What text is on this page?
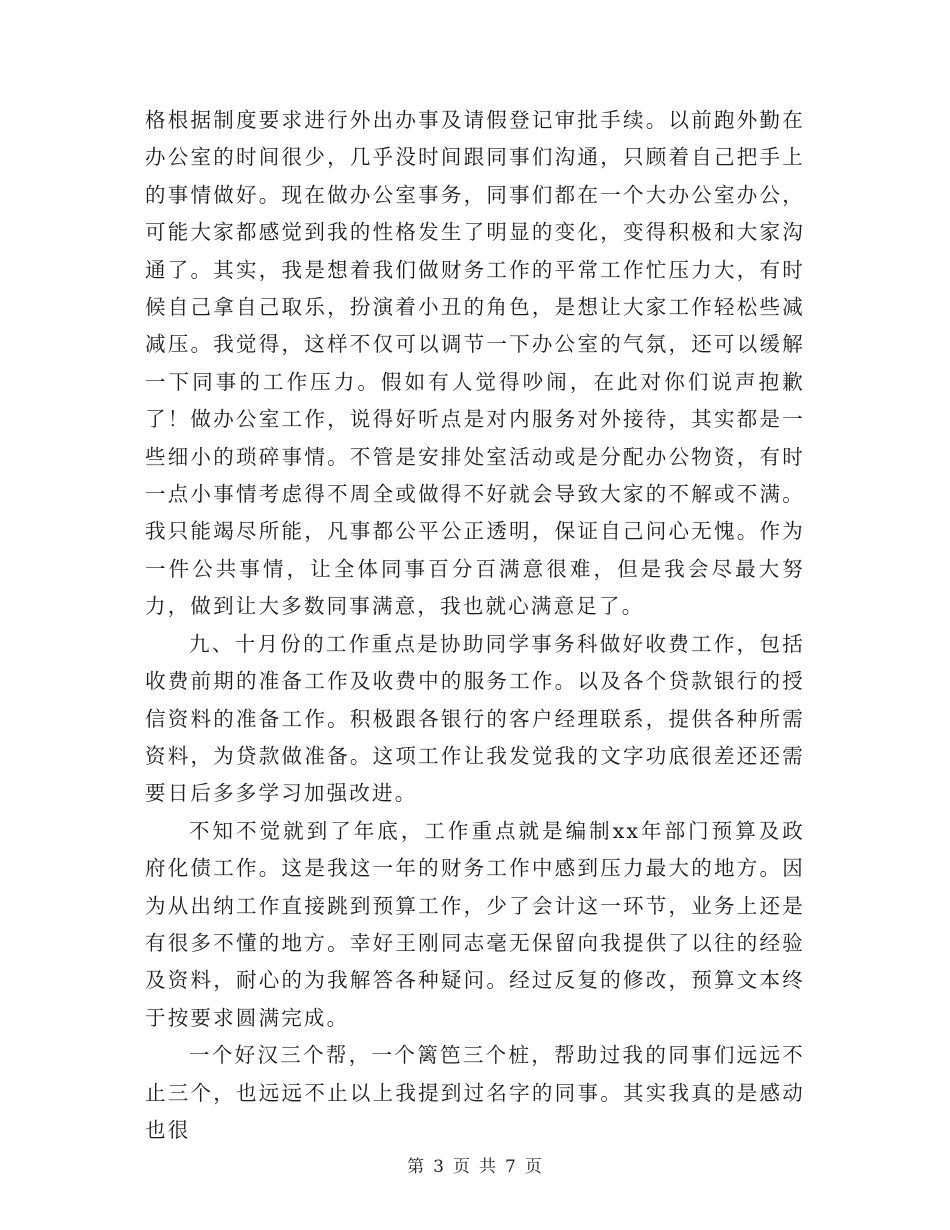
格根据制度要求进行外出办事及请假登记审批手续。以前跑外勤在办公室的时间很少，几乎没时间跟同事们沟通，只顾着自己把手上的事情做好。现在做办公室事务，同事们都在一个大办公室办公，可能大家都感觉到我的性格发生了明显的变化，变得积极和大家沟通了。其实，我是想着我们做财务工作的平常工作忙压力大，有时候自己拿自己取乐，扮演着小丑的角色，是想让大家工作轻松些减减压。我觉得，这样不仅可以调节一下办公室的气氛，还可以缓解一下同事的工作压力。假如有人觉得吵闹，在此对你们说声抱歉了！做办公室工作，说得好听点是对内服务对外接待，其实都是一些细小的琐碎事情。不管是安排处室活动或是分配办公物资，有时一点小事情考虑得不周全或做得不好就会导致大家的不解或不满。我只能竭尽所能，凡事都公平公正透明，保证自己问心无愧。作为一件公共事情，让全体同事百分百满意很难，但是我会尽最大努力，做到让大多数同事满意，我也就心满意足了。

九、十月份的工作重点是协助同学事务科做好收费工作，包括收费前期的准备工作及收费中的服务工作。以及各个贷款银行的授信资料的准备工作。积极跟各银行的客户经理联系，提供各种所需资料，为贷款做准备。这项工作让我发觉我的文字功底很差还还需要日后多多学习加强改进。

不知不觉就到了年底，工作重点就是编制xx年部门预算及政府化债工作。这是我这一年的财务工作中感到压力最大的地方。因为从出纳工作直接跳到预算工作，少了会计这一环节，业务上还是有很多不懂的地方。幸好王刚同志毫无保留向我提供了以往的经验及资料，耐心的为我解答各种疑问。经过反复的修改，预算文本终于按要求圆满完成。

一个好汉三个帮，一个篱笆三个桩，帮助过我的同事们远远不止三个，也远远不止以上我提到过名字的同事。其实我真的是感动也很

第 3 页 共 7 页
